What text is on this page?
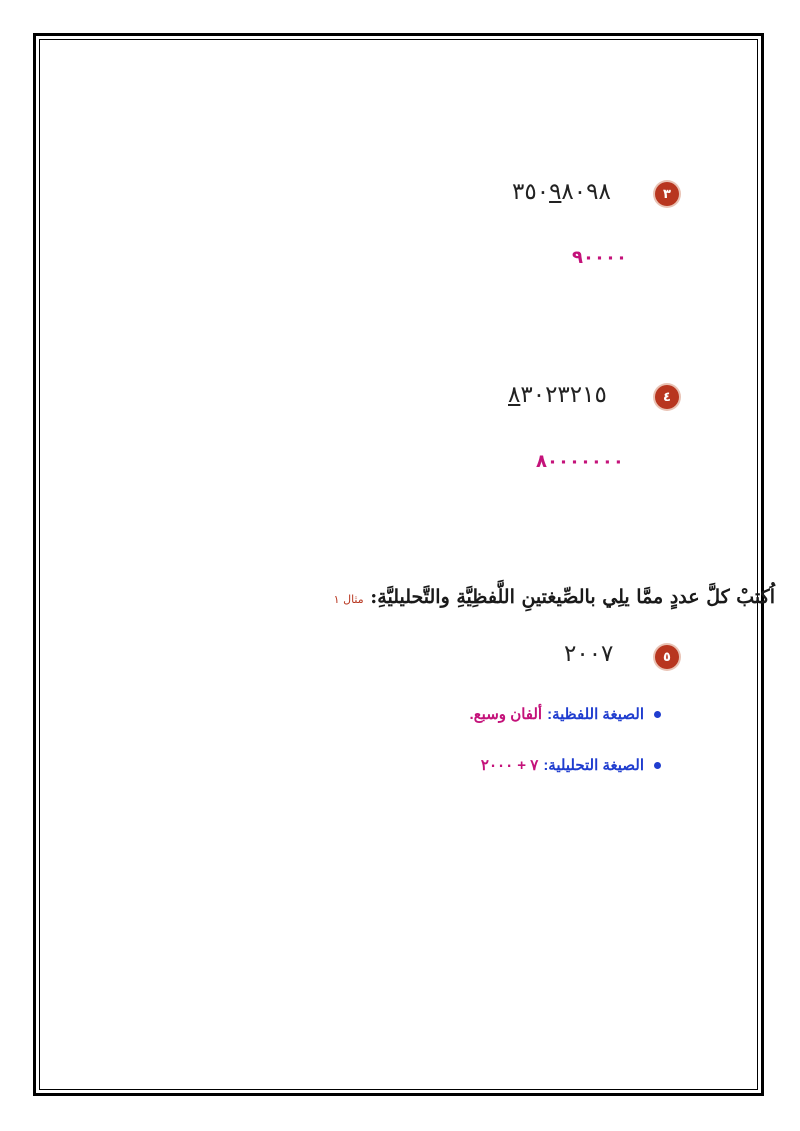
٣٥٠٩٨٠٩٨	٣
٩٠٠٠٠
٨٣٠٢٣٢١٥	٤
٨٠٠٠٠٠٠٠
اُكتبْ كلَّ عددٍ ممَّا يلِي بالصِّيغتينِ اللَّفظِيَّةِ والتَّحليليَّةِ: مثال ١
٢٠٠٧	٥
الصيغة اللفظية:
ألفان وسبع.
الصيغة التحليلية:
٧ + ٢٠٠٠
